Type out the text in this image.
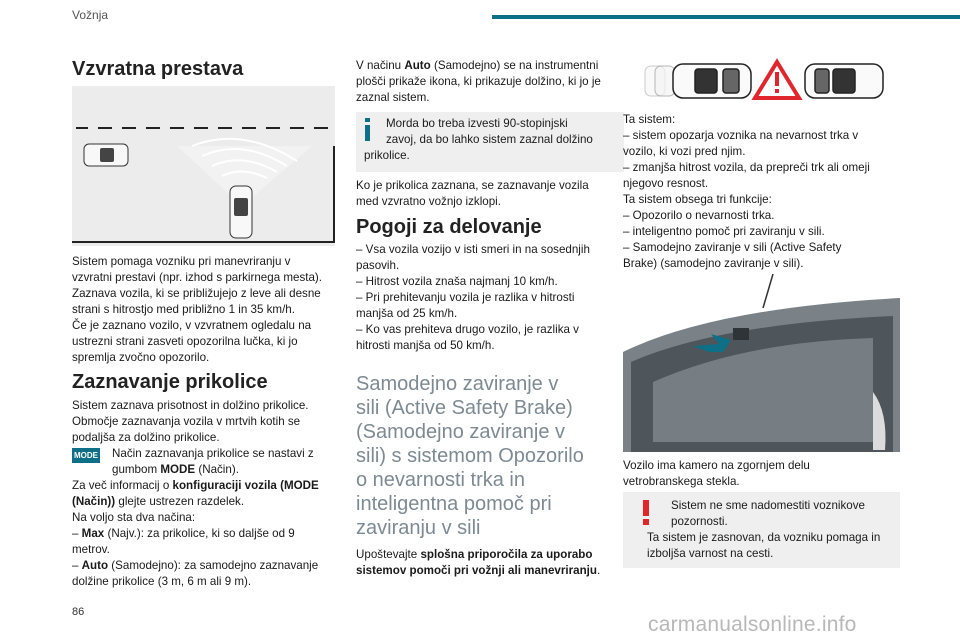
Vožnja
Vzvratna prestava

Sistem pomaga vozniku pri manevriranju v

vzvratni prestavi (npr. izhod s parkirnega mesta).

Zaznava vozila, ki se približujejo z leve ali desne

strani s hitrostjo med približno 1 in 35 km/h.

Če je zaznano vozilo, v vzvratnem ogledalu na

ustrezni strani zasveti opozorilna lučka, ki jo

spremlja zvočno opozorilo.

Zaznavanje prikolice

Sistem zaznava prisotnost in dolžino prikolice.

Območje zaznavanja vozila v mrtvih kotih se

podaljša za dolžino prikolice.

MODE	Način zaznavanja prikolice se nastavi z

gumbom MODE (Način).

Za več informacij o konfiguraciji vozila (MODE

(Način)) glejte ustrezen razdelek.

Na voljo sta dva načina:

– Max (Najv.): za prikolice, ki so daljše od 9

metrov.

– Auto (Samodejno): za samodejno zaznavanje

dolžine prikolice (3 m, 6 m ali 9 m).

V načinu Auto (Samodejno) se na instrumentni

plošči prikaže ikona, ki prikazuje dolžino, ki jo je

zaznal sistem.

Morda bo treba izvesti 90-stopinjski

zavoj, da bo lahko sistem zaznal dolžino

prikolice.

Ko je prikolica zaznana, se zaznavanje vozila

med vzvratno vožnjo izklopi.

Pogoji za delovanje

– Vsa vozila vozijo v isti smeri in na sosednjih

pasovih.

– Hitrost vozila znaša najmanj 10 km/h.

– Pri prehitevanju vozila je razlika v hitrosti

manjša od 25 km/h.

– Ko vas prehiteva drugo vozilo, je razlika v

hitrosti manjša od 50 km/h.

Samodejno zaviranje v

sili (Active Safety Brake)

(Samodejno zaviranje v

sili) s sistemom Opozorilo

o nevarnosti trka in

inteligentna pomoč pri

zaviranju v sili

Upoštevajte splošna priporočila za uporabo

sistemov pomoči pri vožnji ali manevriranju.

Ta sistem:

– sistem opozarja voznika na nevarnost trka v

vozilo, ki vozi pred njim.

– zmanjša hitrost vozila, da prepreči trk ali omeji

njegovo resnost.

Ta sistem obsega tri funkcije:

– Opozorilo o nevarnosti trka.

– inteligentno pomoč pri zaviranju v sili.

– Samodejno zaviranje v sili (Active Safety

Brake) (samodejno zaviranje v sili).

Vozilo ima kamero na zgornjem delu

vetrobranskega stekla.

Sistem ne sme nadomestiti voznikove

pozornosti.

Ta sistem je zasnovan, da vozniku pomaga in

izboljša varnost na cesti.

86
carmanualsonline.info
